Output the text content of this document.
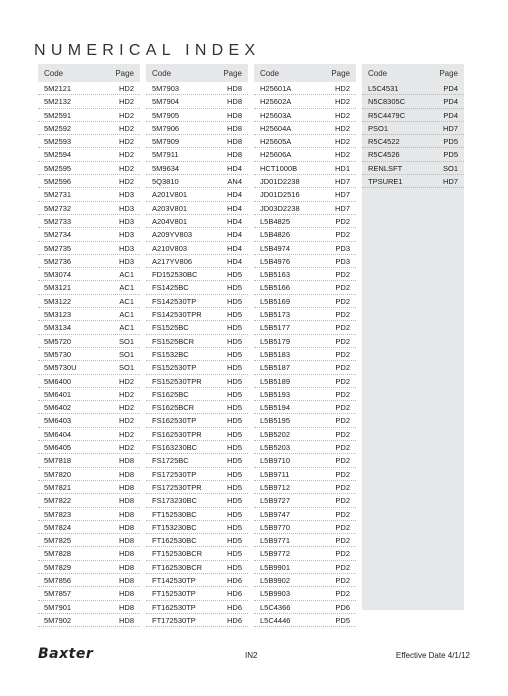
NUMERICAL INDEX
Code	Page
5M2121	HD2
5M2132	HD2
5M2591	HD2
5M2592	HD2
5M2593	HD2
5M2594	HD2
5M2595	HD2
5M2596	HD2
5M2731	HD3
5M2732	HD3
5M2733	HD3
5M2734	HD3
5M2735	HD3
5M2736	HD3
5M3074	AC1
5M3121	AC1
5M3122	AC1
5M3123	AC1
5M3134	AC1
5M5720	SO1
5M5730	SO1
5M5730U	SO1
5M6400	HD2
5M6401	HD2
5M6402	HD2
5M6403	HD2
5M6404	HD2
5M6405	HD2
5M7818	HD8
5M7820	HD8
5M7821	HD8
5M7822	HD8
5M7823	HD8
5M7824	HD8
5M7825	HD8
5M7828	HD8
5M7829	HD8
5M7856	HD8
5M7857	HD8
5M7901	HD8
5M7902	HD8
Code	Page
5M7903	HD8
5M7904	HD8
5M7905	HD8
5M7906	HD8
5M7909	HD8
5M7911	HD8
5M9634	HD4
5Q3810	AN4
A201V801	HD4
A203V801	HD4
A204V801	HD4
A209YV803	HD4
A210V803	HD4
A217YV806	HD4
FD152530BC	HD5
FS1425BC	HD5
FS142530TP	HD5
FS142530TPR	HD5
FS1525BC	HD5
FS1525BCR	HD5
FS1532BC	HD5
FS152530TP	HD5
FS152530TPR	HD5
FS1625BC	HD5
FS1625BCR	HD5
FS162530TP	HD5
FS162530TPR	HD5
FS163230BC	HD5
FS1725BC	HD5
FS172530TP	HD5
FS172530TPR	HD5
FS173230BC	HD5
FT152530BC	HD5
FT153230BC	HD5
FT162530BC	HD5
FT152530BCR	HD5
FT162530BCR	HD5
FT142530TP	HD6
FT152530TP	HD6
FT162530TP	HD6
FT172530TP	HD6
Code	Page
H25601A	HD2
H25602A	HD2
H25603A	HD2
H25604A	HD2
H25605A	HD2
H25606A	HD2
HCT1000B	HD1
JD01D2238	HD7
JD01D2516	HD7
JD03D2238	HD7
L5B4825	PD2
L5B4826	PD2
L5B4974	PD3
L5B4976	PD3
L5B5163	PD2
L5B5166	PD2
L5B5169	PD2
L5B5173	PD2
L5B5177	PD2
L5B5179	PD2
L5B5183	PD2
L5B5187	PD2
L5B5189	PD2
L5B5193	PD2
L5B5194	PD2
L5B5195	PD2
L5B5202	PD2
L5B5203	PD2
L5B9710	PD2
L5B9711	PD2
L5B9712	PD2
L5B9727	PD2
L5B9747	PD2
L5B9770	PD2
L5B9771	PD2
L5B9772	PD2
L5B9901	PD2
L5B9902	PD2
L5B9903	PD2
L5C4366	PD6
L5C4446	PD5
Code	Page
L5C4531	PD4
N5C8305C	PD4
R5C4479C	PD4
PSO1	HD7
R5C4522	PD5
R5C4526	PD5
RENLSFT	SO1
TPSURE1	HD7
Baxter	IN2	Effective Date 4/1/12
